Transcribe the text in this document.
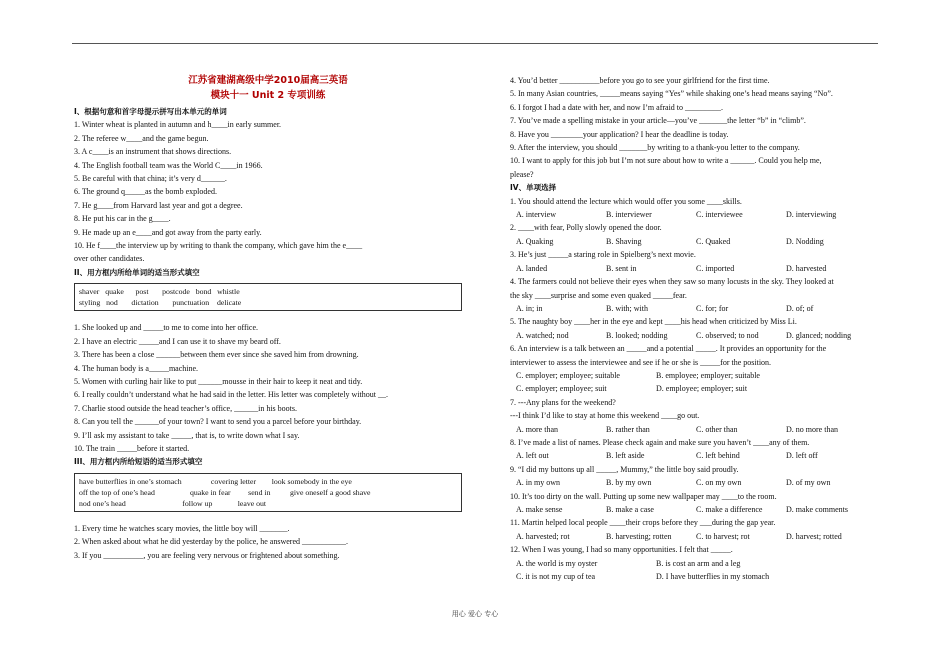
江苏省建湖高级中学2010届高三英语
模块十一 Unit 2 专项训练
I、根据句意和首字母提示拼写出本单元的单词
1. Winter wheat is planted in autumn and h____in early summer.
2. The referee w____and the game begun.
3. A c____is an instrument that shows directions.
4. The English football team was the World C____in 1966.
5. Be careful with that china; it’s very d______.
6. The ground q_____as the bomb exploded.
7. He g____from Harvard last year and got a degree.
8. He put his car in the g____.
9. He made up an e____and got away from the party early.
10. He f____the interview up by writing to thank the company, which gave him the e____
over other candidates.
II、用方框内所给单词的适当形式填空
shaver   quake      post       postcode   bond   whistle
styling   nod       dictation       punctuation    delicate
1. She looked up and _____to me to come into her office.
2. I have an electric _____and I can use it to shave my beard off.
3. There has been a close ______between them ever since she saved him from drowning.
4. The human body is a_____machine.
5. Women with curling hair like to put ______mousse in their hair to keep it neat and tidy.
6. I really couldn’t understand what he had said in the letter. His letter was completely without __.
7. Charlie stood outside the head teacher’s office, ______in his boots.
8. Can you tell the ______of your town? I want to send you a parcel before your birthday.
9. I’ll ask my assistant to take _____, that is, to write down what I say.
10. The train _____before it started.
III、用方框内所给短语的适当形式填空
have butterflies in one’s stomach               covering letter        look somebody in the eye
off the top of one’s head                  quake in fear         send in          give oneself a good shave
nod one’s head                             follow up             leave out
1. Every time he watches scary movies, the little boy will _______.
2. When asked about what he did yesterday by the police, he answered ___________.
3. If you __________, you are feeling very nervous or frightened about something.
4. You’d better __________before you go to see your girlfriend for the first time.
5. In many Asian countries, _____means saying “Yes” while shaking one’s head means saying “No”.
6. I forgot I had a date with her, and now I’m afraid to _________.
7. You’ve made a spelling mistake in your article—you’ve _______the letter “b” in “climb”.
8. Have you ________your application? I hear the deadline is today.
9. After the interview, you should _______by writing to a thank-you letter to the company.
10. I want to apply for this job but I’m not sure about how to write a ______. Could you help me,
please?
IV、单项选择
1. You should attend the lecture which would offer you some ____skills.
A. interview	B. interviewer	C. interviewee	D. interviewing
2. ____with fear, Polly slowly opened the door.
A. Quaking	B. Shaving	C. Quaked	D. Nodding
3. He’s just _____a staring role in Spielberg’s next movie.
A. landed	B. sent in	C. imported	D. harvested
4. The farmers could not believe their eyes when they saw so many locusts in the sky. They looked at
the sky ____surprise and some even quaked _____fear.
A. in; in	B. with; with	C. for; for	D. of; of
5. The naughty boy ____her in the eye and kept ____his head when criticized by Miss Li.
A. watched; nod	B. looked; nodding	C. observed; to nod	D. glanced; nodding
6. An interview is a talk between an _____and a potential _____. It provides an opportunity for the
interviewer to assess the interviewee and see if he or she is _____for the position.
C. employer; employee; suitable	B. employee; employer; suitable
C. employer; employee; suit	D. employee; employer; suit
7. ---Any plans for the weekend?
---I think I’d like to stay at home this weekend ____go out.
A. more than	B. rather than	C. other than	D. no more than
8. I’ve made a list of names. Please check again and make sure you haven’t ____any of them.
A. left out	B. left aside	C. left behind	D. left off
9. “I did my buttons up all _____, Mummy,” the little boy said proudly.
A. in my own	B. by my own	C. on my own	D. of my own
10. It’s too dirty on the wall. Putting up some new wallpaper may ____to the room.
A. make sense	B. make a case	C. make a difference	D. make comments
11. Martin helped local people ____their crops before they ___during the gap year.
A. harvested; rot	B. harvesting; rotten	C. to harvest; rot	D. harvest; rotted
12. When I was young, I had so many opportunities. I felt that _____.
A. the world is my oyster	B. is cost an arm and a leg
C. it is not my cup of tea	D. I have butterflies in my stomach
用心 爱心 专心
